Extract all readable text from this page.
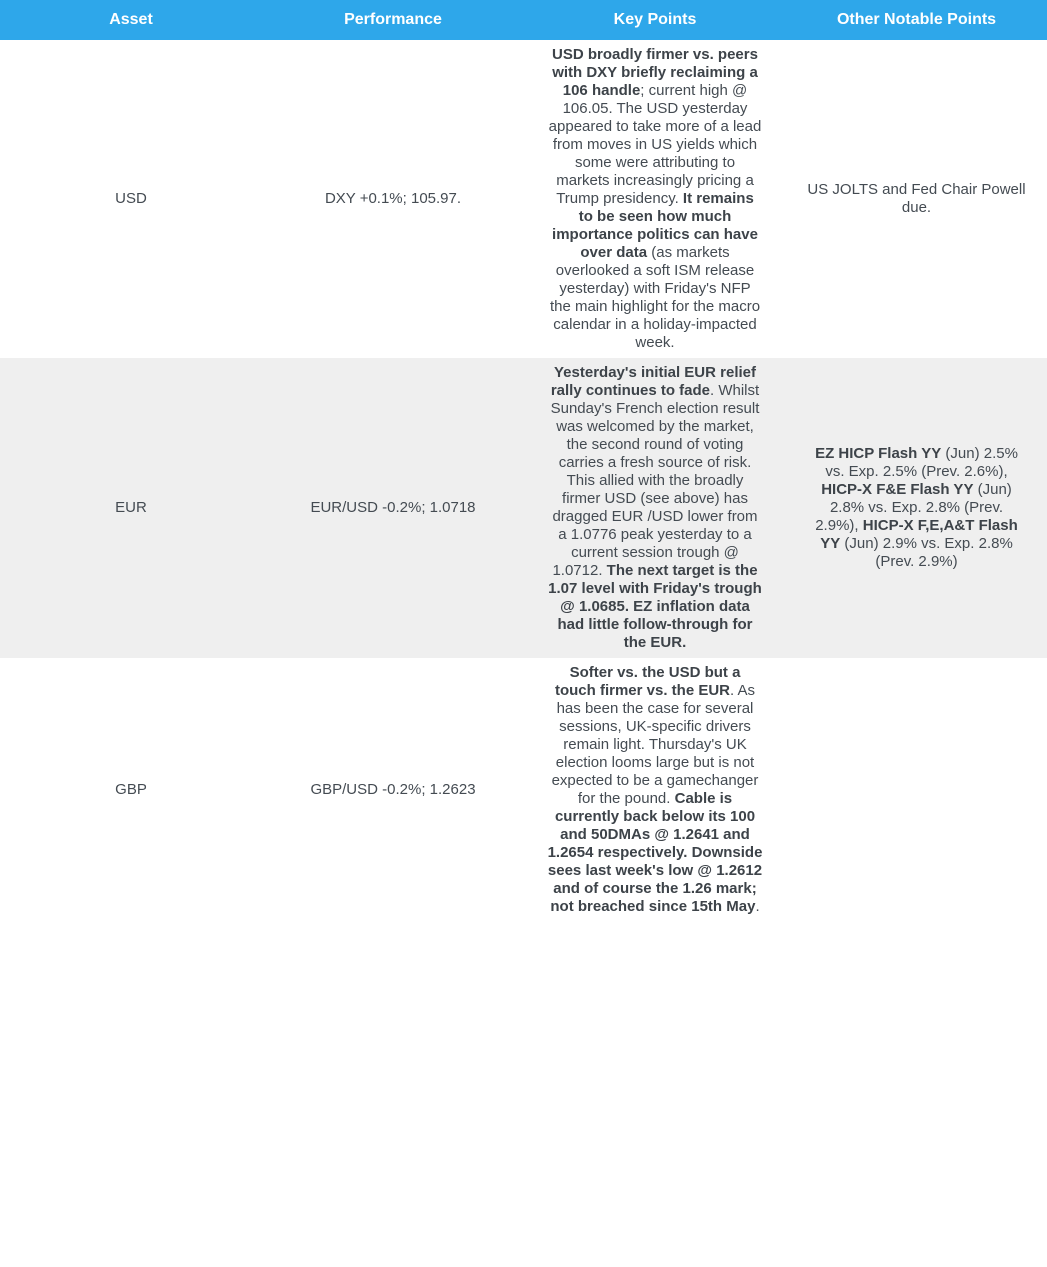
Asset	Performance	Key Points	Other Notable Points
USD	DXY +0.1%; 105.97.	USD broadly firmer vs. peers with DXY briefly reclaiming a 106 handle; current high @ 106.05. The USD yesterday appeared to take more of a lead from moves in US yields which some were attributing to markets increasingly pricing a Trump presidency. It remains to be seen how much importance politics can have over data (as markets overlooked a soft ISM release yesterday) with Friday's NFP the main highlight for the macro calendar in a holiday-impacted week.	US JOLTS and Fed Chair Powell due.

EUR	EUR/USD -0.2%; 1.0718	Yesterday's initial EUR relief rally continues to fade. Whilst Sunday's French election result was welcomed by the market, the second round of voting carries a fresh source of risk. This allied with the broadly firmer USD (see above) has dragged EUR /USD lower from a 1.0776 peak yesterday to a current session trough @ 1.0712. The next target is the 1.07 level with Friday's trough @ 1.0685. EZ inflation data had little follow-through for the EUR.	EZ HICP Flash YY (Jun) 2.5% vs. Exp. 2.5% (Prev. 2.6%), HICP-X F&E Flash YY (Jun) 2.8% vs. Exp. 2.8% (Prev. 2.9%), HICP-X F,E,A&T Flash YY (Jun) 2.9% vs. Exp. 2.8% (Prev. 2.9%)

GBP	GBP/USD -0.2%; 1.2623	Softer vs. the USD but a touch firmer vs. the EUR. As has been the case for several sessions, UK-specific drivers remain light. Thursday's UK election looms large but is not expected to be a gamechanger for the pound. Cable is currently back below its 100 and 50DMAs @ 1.2641 and 1.2654 respectively. Downside sees last week's low @ 1.2612 and of course the 1.26 mark; not breached since 15th May.	
